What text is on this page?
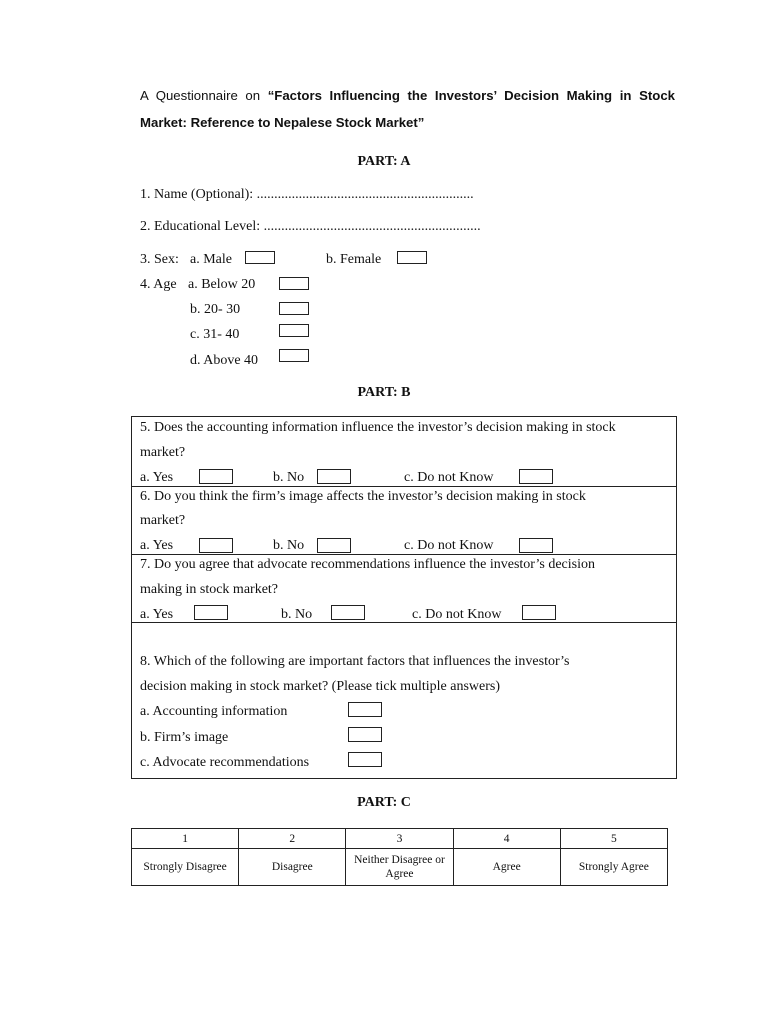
A Questionnaire on “Factors Influencing the Investors’ Decision Making in Stock
Market: Reference to Nepalese Stock Market”
PART: A
1. Name (Optional): ..............................................................
2. Educational Level: ..............................................................
3. Sex: a. Male	b. Female
4. Age a. Below 20
b. 20- 30
c. 31- 40
d. Above 40
PART: B
5. Does the accounting information influence the investor’s decision making in stock
market?
a. Yes	b. No	c. Do not Know
6. Do you think the firm’s image affects the investor’s decision making in stock
market?
a. Yes	b. No	c. Do not Know
7. Do you agree that advocate recommendations influence the investor’s decision
making in stock market?
a. Yes	b. No	c. Do not Know
8. Which of the following are important factors that influences the investor’s
decision making in stock market? (Please tick multiple answers)
a. Accounting information
b. Firm’s image
c. Advocate recommendations
PART: C
1	2	3	4	5
Strongly Disagree	Disagree	Neither Disagree or Agree	Agree	Strongly Agree
